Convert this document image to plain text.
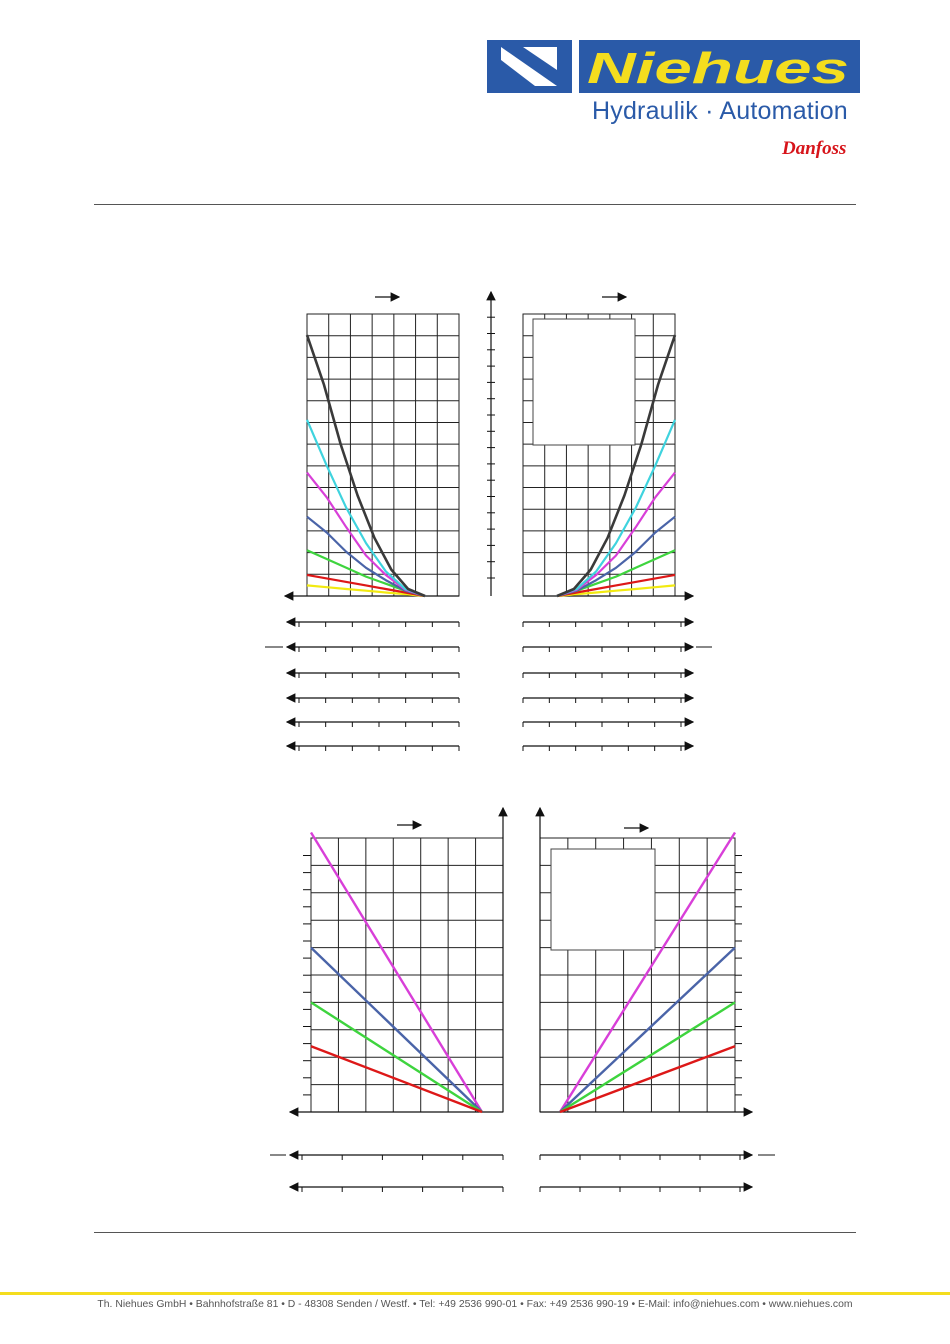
Niehues
Hydraulik · Automation
Danfoss
Th. Niehues GmbH • Bahnhofstraße 81 • D - 48308 Senden / Westf. • Tel: +49 2536 990-01 • Fax: +49 2536 990-19 • E-Mail: info@niehues.com • www.niehues.com
